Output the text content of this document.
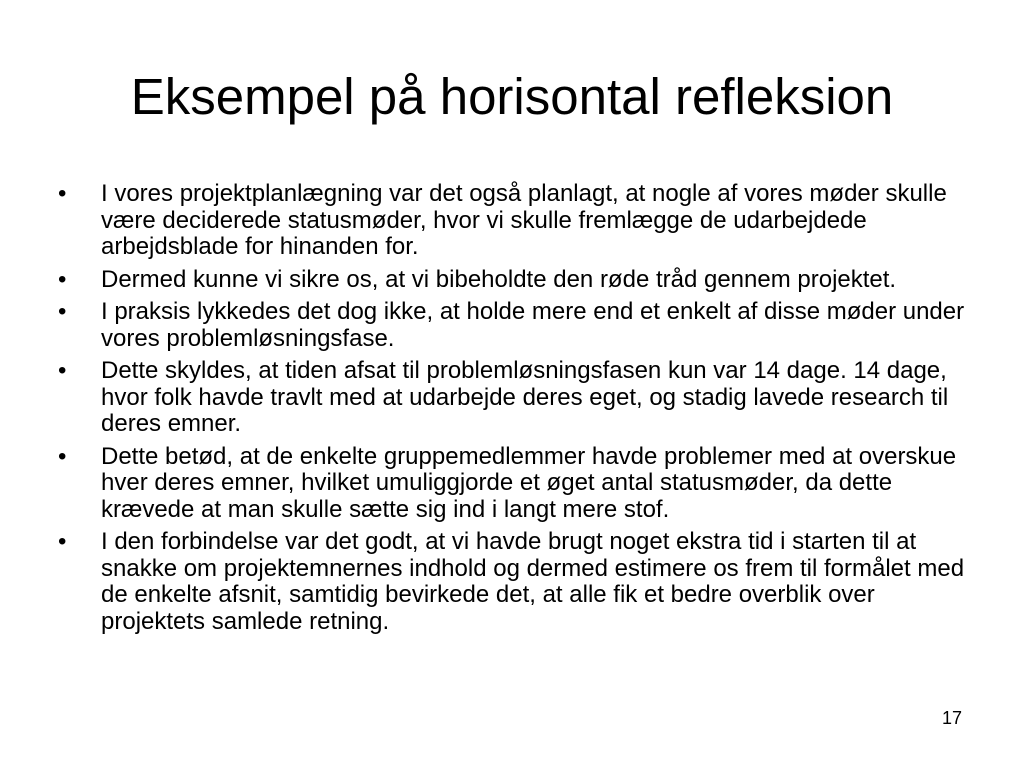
Eksempel på horisontal refleksion
• I vores projektplanlægning var det også planlagt, at nogle af vores møder skulle være deciderede statusmøder, hvor vi skulle fremlægge de udarbejdede arbejdsblade for hinanden for.
• Dermed kunne vi sikre os, at vi bibeholdte den røde tråd gennem projektet.
• I praksis lykkedes det dog ikke, at holde mere end et enkelt af disse møder under vores problemløsningsfase.
• Dette skyldes, at tiden afsat til problemløsningsfasen kun var 14 dage. 14 dage, hvor folk havde travlt med at udarbejde deres eget, og stadig lavede research til deres emner.
• Dette betød, at de enkelte gruppemedlemmer havde problemer med at overskue hver deres emner, hvilket umuliggjorde et øget antal statusmøder, da dette krævede at man skulle sætte sig ind i langt mere stof.
• I den forbindelse var det godt, at vi havde brugt noget ekstra tid i starten til at snakke om projektemnernes indhold og dermed estimere os frem til formålet med de enkelte afsnit, samtidig bevirkede det, at alle fik et bedre overblik over projektets samlede retning.
17
